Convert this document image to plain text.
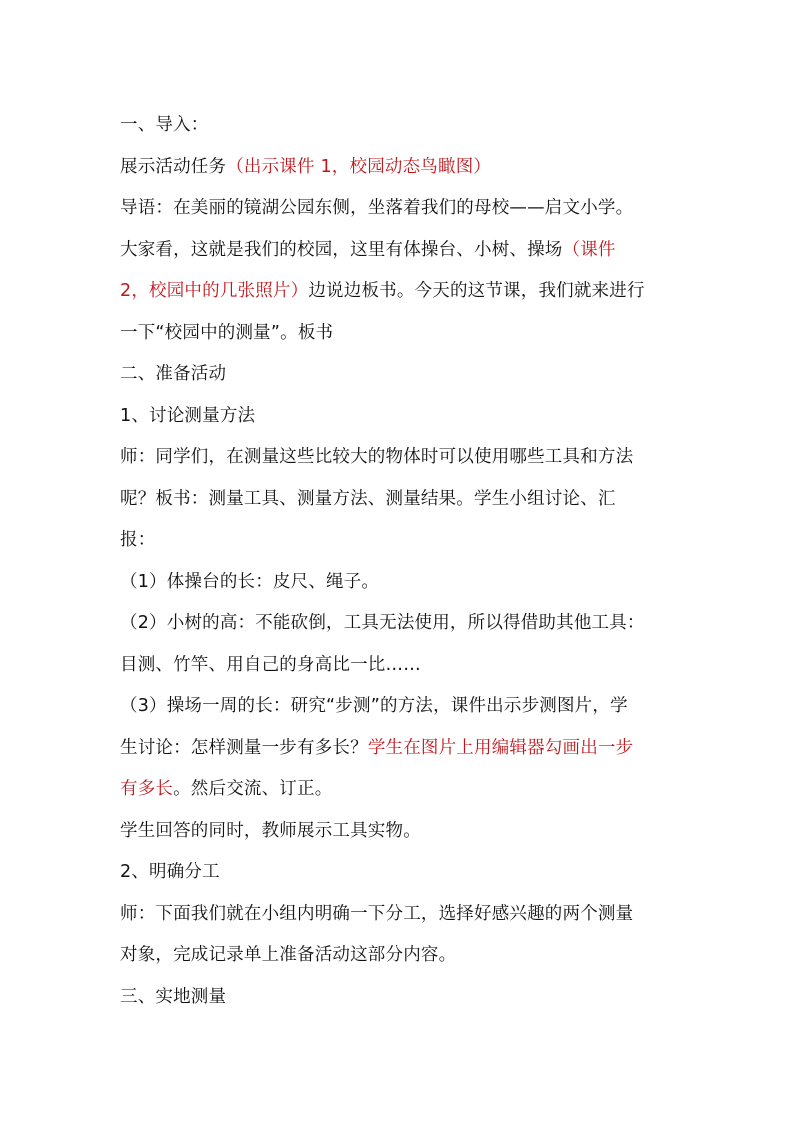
一、导入：
展示活动任务（出示课件 1，校园动态鸟瞰图）
导语：在美丽的镜湖公园东侧，坐落着我们的母校——启文小学。
大家看，这就是我们的校园，这里有体操台、小树、操场（课件
2，校园中的几张照片）边说边板书。今天的这节课，我们就来进行
一下“校园中的测量”。板书
二、准备活动
1、讨论测量方法
师：同学们，在测量这些比较大的物体时可以使用哪些工具和方法
呢？板书：测量工具、测量方法、测量结果。学生小组讨论、汇
报：
（1）体操台的长：皮尺、绳子。
（2）小树的高：不能砍倒，工具无法使用，所以得借助其他工具：
目测、竹竿、用自己的身高比一比……
（3）操场一周的长：研究“步测”的方法，课件出示步测图片，学
生讨论：怎样测量一步有多长？学生在图片上用编辑器勾画出一步
有多长。然后交流、订正。
学生回答的同时，教师展示工具实物。
2、明确分工
师：下面我们就在小组内明确一下分工，选择好感兴趣的两个测量
对象，完成记录单上准备活动这部分内容。
三、实地测量
